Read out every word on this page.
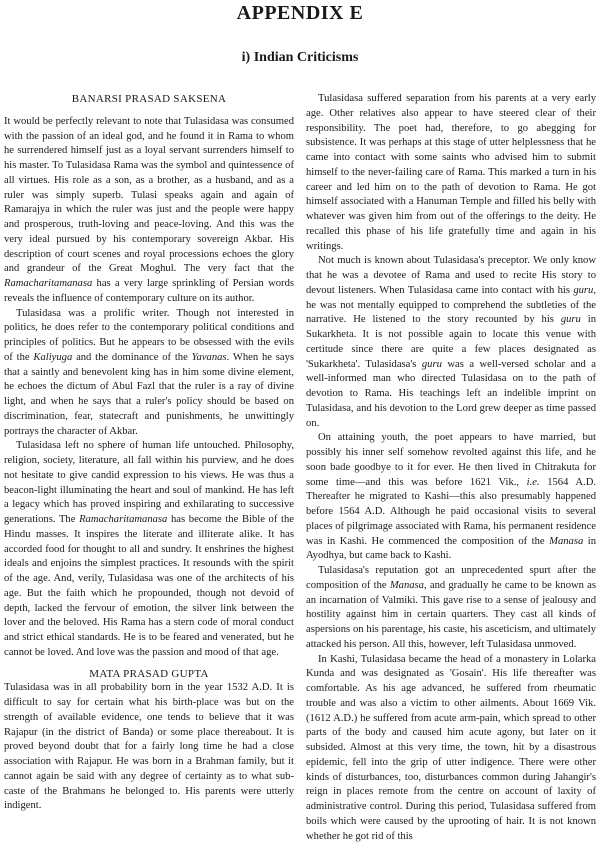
APPENDIX E
i) Indian Criticisms
BANARSI PRASAD SAKSENA

It would be perfectly relevant to note that Tulasidasa was consumed with the passion of an ideal god, and he found it in Rama to whom he surrendered himself just as a loyal servant surrenders himself to his master. To Tulasidasa Rama was the symbol and quintessence of all virtues. His role as a son, as a brother, as a husband, and as a ruler was simply superb. Tulasi speaks again and again of Ramarajya in which the ruler was just and the people were happy and prosperous, truth-loving and peace-loving. And this was the very ideal pursued by his contemporary sovereign Akbar. His description of court scenes and royal processions echoes the glory and grandeur of the Great Moghul. The very fact that the Ramacharitamanasa has a very large sprinkling of Persian words reveals the influence of contemporary culture on its author.

Tulasidasa was a prolific writer. Though not interested in politics, he does refer to the contemporary political conditions and principles of politics. But he appears to be obsessed with the evils of the Kaliyuga and the dominance of the Yavanas. When he says that a saintly and benevolent king has in him some divine element, he echoes the dictum of Abul Fazl that the ruler is a ray of divine light, and when he says that a ruler's policy should be based on discrimination, fear, statecraft and punishments, he unwittingly portrays the character of Akbar.

Tulasidasa left no sphere of human life untouched. Philosophy, religion, society, literature, all fall within his purview, and he does not hesitate to give candid expression to his views. He was thus a beacon-light illuminating the heart and soul of mankind. He has left a legacy which has proved inspiring and exhilarating to successive generations. The Ramacharitamanasa has become the Bible of the Hindu masses. It inspires the literate and illiterate alike. It has accorded food for thought to all and sundry. It enshrines the highest ideals and enjoins the simplest practices. It resounds with the spirit of the age. And, verily, Tulasidasa was one of the architects of his age. But the faith which he propounded, though not devoid of depth, lacked the fervour of emotion, the silver link between the lover and the beloved. His Rama has a stern code of moral conduct and strict ethical standards. He is to be feared and venerated, but he cannot be loved. And love was the passion and mood of that age.

MATA PRASAD GUPTA

Tulasidasa was in all probability born in the year 1532 A.D. It is difficult to say for certain what his birth-place was but on the strength of available evidence, one tends to believe that it was Rajapur (in the district of Banda) or some place thereabout. It is proved beyond doubt that for a fairly long time he had a close association with Rajapur. He was born in a Brahman family, but it cannot again be said with any degree of certainty as to what sub-caste of the Brahmans he belonged to. His parents were utterly indigent.

Tulasidasa suffered separation from his parents at a very early age. Other relatives also appear to have steered clear of their responsibility. The poet had, therefore, to go abegging for subsistence. It was perhaps at this stage of utter helplessness that he came into contact with some saints who advised him to submit himself to the never-failing care of Rama. This marked a turn in his career and led him on to the path of devotion to Rama. He got himself associated with a Hanuman Temple and filled his belly with whatever was given him from out of the offerings to the deity. He recalled this phase of his life gratefully time and again in his writings.

Not much is known about Tulasidasa's preceptor. We only know that he was a devotee of Rama and used to recite His story to devout listeners. When Tulasidasa came into contact with his guru, he was not mentally equipped to comprehend the subtleties of the narrative. He listened to the story recounted by his guru in Sukarkheta. It is not possible again to locate this venue with certitude since there are quite a few places designated as 'Sukarkheta'. Tulasidasa's guru was a well-versed scholar and a well-informed man who directed Tulasidasa on to the path of devotion to Rama. His teachings left an indelible imprint on Tulasidasa, and his devotion to the Lord grew deeper as time passed on.

On attaining youth, the poet appears to have married, but possibly his inner self somehow revolted against this life, and he soon bade goodbye to it for ever. He then lived in Chitrakuta for some time—and this was before 1621 Vik., i.e. 1564 A.D. Thereafter he migrated to Kashi—this also presumably happened before 1564 A.D. Although he paid occasional visits to several places of pilgrimage associated with Rama, his permanent residence was in Kashi. He commenced the composition of the Manasa in Ayodhya, but came back to Kashi.

Tulasidasa's reputation got an unprecedented spurt after the composition of the Manasa, and gradually he came to be known as an incarnation of Valmiki. This gave rise to a sense of jealousy and hostility against him in certain quarters. They cast all kinds of aspersions on his parentage, his caste, his asceticism, and ultimately attacked his person. All this, however, left Tulasidasa unmoved.

In Kashi, Tulasidasa became the head of a monastery in Lolarka Kunda and was designated as 'Gosain'. His life thereafter was comfortable. As his age advanced, he suffered from rheumatic trouble and was also a victim to other ailments. About 1669 Vik. (1612 A.D.) he suffered from acute arm-pain, which spread to other parts of the body and caused him acute agony, but later on it subsided. Almost at this very time, the town, hit by a disastrous epidemic, fell into the grip of utter indigence. There were other kinds of disturbances, too, disturbances common during Jahangir's reign in places remote from the centre on account of laxity of administrative control. During this period, Tulasidasa suffered from boils which were caused by the uprooting of hair. It is not known whether he got rid of this
